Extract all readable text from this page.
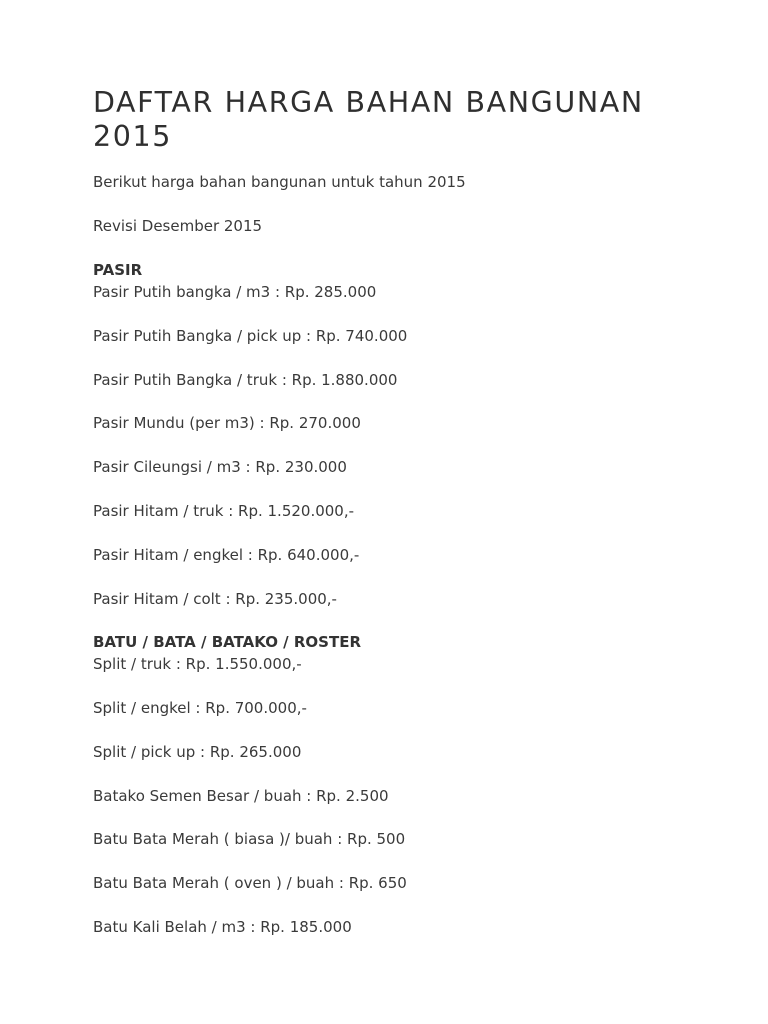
DAFTAR HARGA BAHAN BANGUNAN 2015

Berikut harga bahan bangunan untuk tahun 2015

Revisi Desember 2015

PASIR

Pasir Putih bangka / m3 : Rp. 285.000

Pasir Putih Bangka / pick up : Rp. 740.000

Pasir Putih Bangka / truk : Rp. 1.880.000

Pasir Mundu (per m3) : Rp. 270.000

Pasir Cileungsi / m3 : Rp. 230.000

Pasir Hitam / truk : Rp. 1.520.000,-

Pasir Hitam / engkel : Rp. 640.000,-

Pasir Hitam / colt : Rp. 235.000,-

BATU / BATA / BATAKO / ROSTER

Split / truk : Rp. 1.550.000,-

Split / engkel : Rp. 700.000,-

Split / pick up : Rp. 265.000

Batako Semen Besar / buah : Rp. 2.500

Batu Bata Merah ( biasa )/ buah : Rp. 500

Batu Bata Merah ( oven ) / buah : Rp. 650

Batu Kali Belah / m3 : Rp. 185.000
